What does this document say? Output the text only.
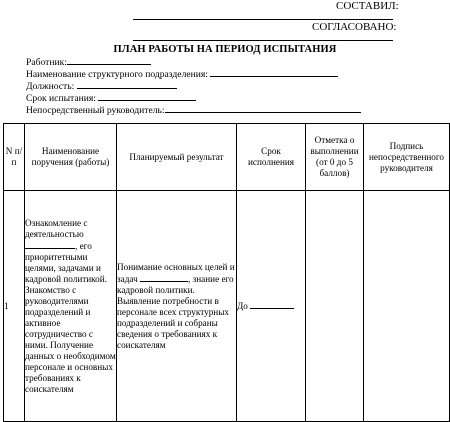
СОСТАВИЛ:
СОГЛАСОВАНО:
ПЛАН РАБОТЫ НА ПЕРИОД ИСПЫТАНИЯ
Работник:
Наименование структурного подразделения:
Должность:
Срок испытания:
Непосредственный руководитель:
N п/п	Наименование поручения (работы)	Планируемый результат	Срок исполнения	Отметка о выполнении (от 0 до 5 баллов)	Подпись непосредственного руководителя
1	Ознакомление с деятельностью , его приоритетными целями, задачами и кадровой политикой. Знакомство с руководителями подразделений и активное сотрудничество с ними. Получение данных о необходимом персонале и основных требованиях к соискателям	Понимание основных целей и задач , знание его кадровой политики. Выявление потребности в персонале всех структурных подразделений и собраны сведения о требованиях к соискателям	До		
